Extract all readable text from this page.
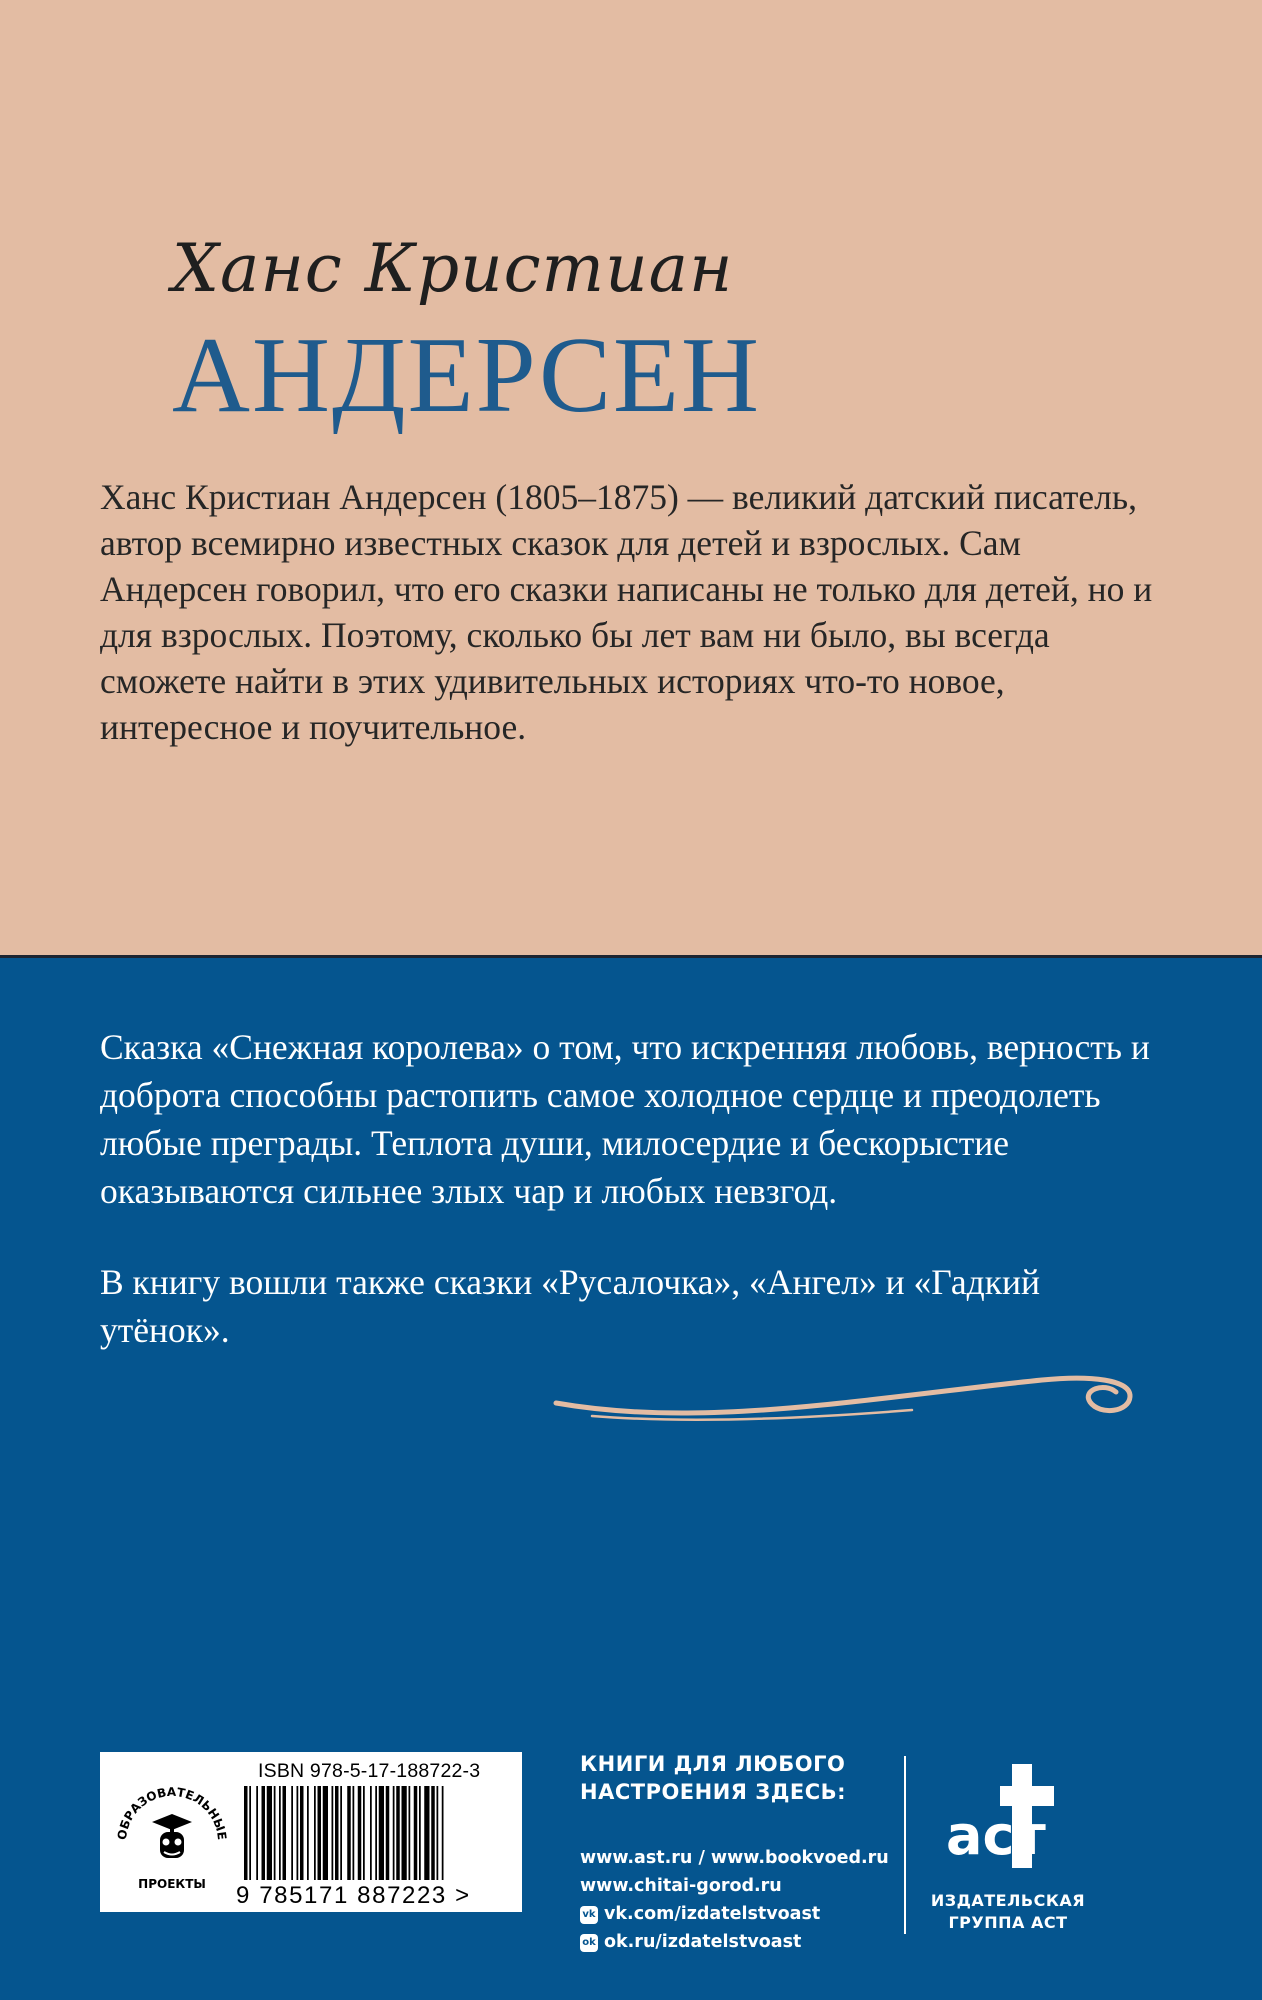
Ханс Кристиан
АНДЕРСЕН

Ханс Кристиан Андерсен (1805–1875) — великий датский писатель, автор всемирно известных сказок для детей и взрослых. Сам Андерсен говорил, что его сказки написаны не только для детей, но и для взрослых. Поэтому, сколько бы лет вам ни было, вы всегда сможете найти в этих удивительных историях что-то новое, интересное и поучительное.

Сказка «Снежная королева» о том, что искренняя любовь, верность и доброта способны растопить самое холодное сердце и преодолеть любые преграды. Теплота души, милосердие и бескорыстие оказываются сильнее злых чар и любых невзгод.

В книгу вошли также сказки «Русалочка», «Ангел» и «Гадкий утёнок».

ОБРАЗОВАТЕЛЬНЫЕ
ПРОЕКТЫ
ISBN 978-5-17-188722-3
9 785171 887223 >
КНИГИ ДЛЯ ЛЮБОГО НАСТРОЕНИЯ ЗДЕСЬ:
www.ast.ru / www.bookvoed.ru
www.chitai-gorod.ru
vk vk.com/izdatelstvoast
ok ok.ru/izdatelstvoast
аст
ИЗДАТЕЛЬСКАЯ
ГРУППА АСТ
